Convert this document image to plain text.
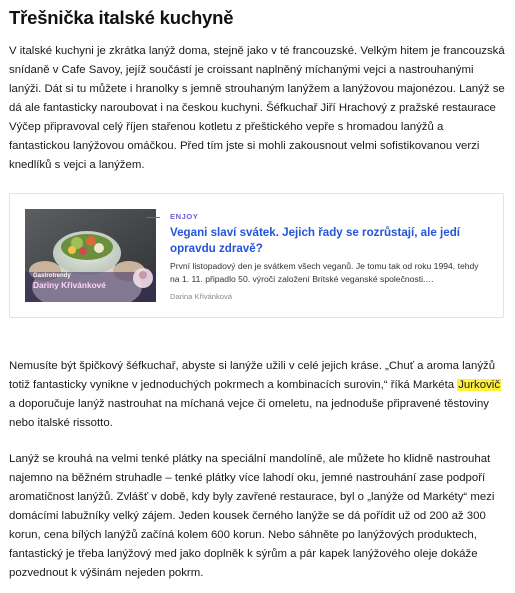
Třešnička italské kuchyně
V italské kuchyni je zkrátka lanýž doma, stejně jako v té francouzské. Velkým hitem je francouzská snídaně v Cafe Savoy, jejíž součástí je croissant naplněný míchanými vejci a nastrouhanými lanýži. Dát si tu můžete i hranolky s jemně strouhaným lanýžem a lanýžovou majonézou. Lanýž se dá ale fantasticky naroubovat i na českou kuchyni. Šéfkuchař Jiří Hrachový z pražské restaurace Výčep připravoval celý říjen stařenou kotletu z přeštického vepře s hromadou lanýžů a fantastickou lanýžovou omáčkou. Před tím jste si mohli zakousnout velmi sofistikovanou verzi knedlíků s vejci a lanýžem.
Gastrotrendy
Dariny Křivánkové
ENJOY
Vegani slaví svátek. Jejich řady se rozrůstají, ale jedí opravdu zdravě?
První listopadový den je svátkem všech veganů. Je tomu tak od roku 1994, tehdy na 1. 11. připadlo 50. výročí založení Britské veganské společnosti.…
Darina Křivánková
Nemusíte být špičkový šéfkuchař, abyste si lanýže užili v celé jejich kráse. „Chuť a aroma lanýžů totiž fantasticky vynikne v jednoduchých pokrmech a kombinacích surovin,“ říká Markéta Jurkovič a doporučuje lanýž nastrouhat na míchaná vejce či omeletu, na jednoduše připravené těstoviny nebo italské rissotto.
Lanýž se krouhá na velmi tenké plátky na speciální mandolíně, ale můžete ho klidně nastrouhat najemno na běžném struhadle – tenké plátky více lahodí oku, jemné nastrouhání zase podpoří aromatičnost lanýžů. Zvlášť v době, kdy byly zavřené restaurace, byl o „lanýže od Markéty“ mezi domácími labužníky velký zájem. Jeden kousek černého lanýže se dá pořídit už od 200 až 300 korun, cena bílých lanýžů začíná kolem 600 korun. Nebo sáhněte po lanýžových produktech, fantastický je třeba lanýžový med jako doplněk k sýrům a pár kapek lanýžového oleje dokáže pozvednout k výšinám nejeden pokrm.
